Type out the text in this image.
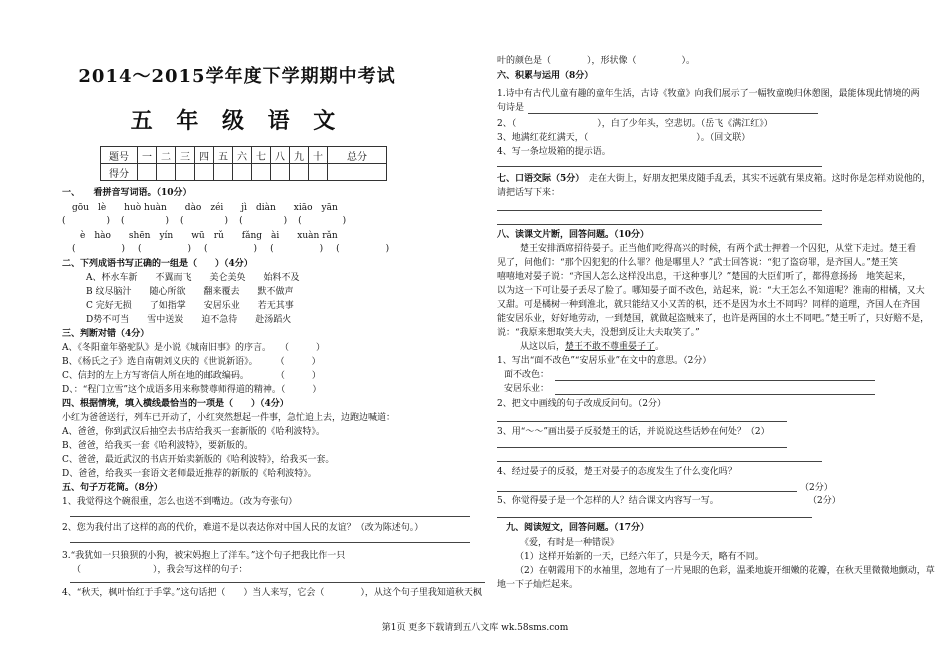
2014～2015学年度下学期期中考试
五 年 级 语 文
题号	一	二	三	四	五	六	七	八	九	十	总分
得分											
一、　　看拼音写词语。（10分）
gōu　lè　　huò huàn　　dào　zéi　　jì　diàn　　xiāo　yān
(　　　　)　(　　　　)　(　　　　)　(　　　　)　(　　　　)
è　hào　　shēn　yín　　wū　rǔ　　fǎng　ài　　xuàn rǎn
(　　　　)　(　　　　)　(　　　　)　(　　　　)　(　　　　)
二、下列成语书写正确的一组是（　　）（4分）
A、杯水车新　　不翼而飞　　美仑美奂　　始料不及
B 纹尽脑汁　　随心所欲　　翻来覆去　　默不做声
C 完好无损　　了如指掌　　安居乐业　　若无其事
D势不可当　　雪中送炭　　迫不急待　　赴汤蹈火
三、判断对错（4分）
A、《冬阳童年骆驼队》是小说《城南旧事》的序言。　　（　　　）
B、《杨氏之子》选自南朝刘义庆的《世说新语》。　　　（　　　）
C、信封的左上方写寄信人所在地的邮政编码。　　　　（　　　）
D、：“程门立雪”这个成语多用来称赞尊师得道的精神。（　　　）
四、根据情境，填入横线最恰当的一项是（　　）（4分）
小红为爸爸送行，列车已开动了，小红突然想起一件事，急忙追上去，边跑边喊道：
A、爸爸，你到武汉后抽空去书店给我买一套新版的《哈利波特》。
B、爸爸，给我买一套《哈利波特》，要新版的。
C、爸爸，最近武汉的书店开始卖新版的《哈利波特》，给我买一套。
D、爸爸，给我买一套语文老师最近推荐的新版的《哈利波特》。
五、句子万花筒。（8分）
1、我觉得这个碗很重，怎么也送不到嘴边。（改为夸张句）
2、您为我付出了这样的高的代价，难道不是以表达你对中国人民的友谊？（改为陈述句。）
3.“我犹如一只狼狈的小狗，被宋妈抱上了洋车。”这个句子把我比作一只
（　　　　　　　　），我会写这样的句子：
4、“秋天，枫叶怡红于手掌。”这句话把（　　）当人来写，它会（　　　　），从这个句子里我知道秋天枫
叶的颜色是（　　　　），形状像（　　　　　）。
六、积累与运用（8分）
1.诗中有古代儿童有趣的童年生活，古诗《牧童》向我们展示了一幅牧童晚归休憩图，最能体现此情境的两
句诗是
2、（　　　　　　　　　），白了少年头，空悲切。（岳飞《满江红》）
3、地满红花红满天，（　　　　　　　　　　　　）。（回文联）
4、写一条垃圾箱的提示语。
七、口语交际（5分）　 走在大街上，好朋友把果皮随手乱丢，其实不远就有果皮箱。这时你是怎样劝说他的，
请把话写下来：
八、读课文片断，回答问题。（10分）
楚王安排酒席招待晏子。正当他们吃得高兴的时候，有两个武士押着一个囚犯，从堂下走过。楚王看
见了，问他们：“那个囚犯犯的什么罪？他是哪里人？”武士回答说：“犯了盗窃罪，是齐国人。”楚王笑
嘻嘻地对晏子说：“齐国人怎么这样没出息，干这种事儿？”楚国的大臣们听了，都得意扬扬　地笑起来，
以为这一下可让晏子丢尽了脸了。哪知晏子面不改色，站起来，说：“大王怎么不知道呢？淮南的柑橘，又大
又甜。可是橘树一种到淮北，就只能结又小又苦的枳，还不是因为水土不同吗？同样的道理，齐国人在齐国
能安居乐业，好好地劳动，一到楚国，就做起盗贼来了，也许是两国的水土不同吧。”楚王听了，只好赔不是，
说：“我原来想取笑大夫，没想到反让大夫取笑了。”
从这以后，楚王不敢不尊重晏子了。
1、写出“面不改色”“安居乐业”在文中的意思。（2分）
面不改色：
安居乐业：
2、把文中画线的句子改成反问句。（2分）
3、用“～～”画出晏子反驳楚王的话，并说说这些话妙在何处？（2）
4、经过晏子的反驳，楚王对晏子的态度发生了什么变化吗？
（2分）
5、你觉得晏子是一个怎样的人？结合课文内容写一写。	（2分）
九、阅读短文，回答问题。（17分）
《爱，有时是一种错误》
（1）这样开始新的一天，已经六年了，只是今天，略有不同。
（2）在朝霞用下的水袖里，忽地有了一片晃眼的色彩，温柔地旋开细嫩的花瓣，在秋天里微微地颤动，草
地一下子灿烂起来。
第1页 更多下载请到五八文库 wk.58sms.com
